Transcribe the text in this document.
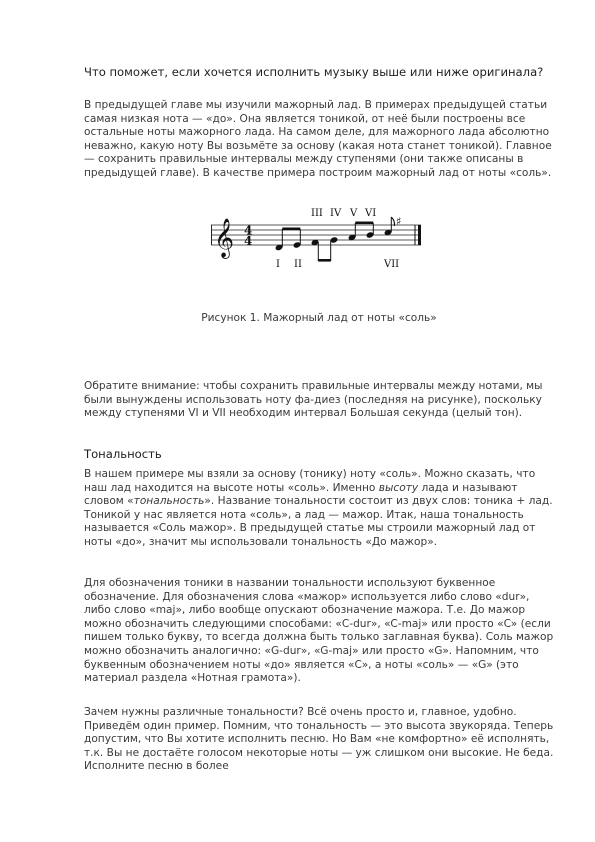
Что поможет, если хочется исполнить музыку выше или ниже оригинала?

В предыдущей главе мы изучили мажорный лад. В примерах предыдущей статьи самая низкая нота — «до». Она является тоникой, от неё были построены все остальные ноты мажорного лада. На самом деле, для мажорного лада абсолютно неважно, какую ноту Вы возьмёте за основу (какая нота станет тоникой). Главное — сохранить правильные интервалы между ступенями (они также описаны в предыдущей главе). В качестве примера построим мажорный лад от ноты «соль».

𝄞 4
4
♯
III IV V VI
I II	VII

Рисунок 1. Мажорный лад от ноты «соль»

Обратите внимание: чтобы сохранить правильные интервалы между нотами, мы были вынуждены использовать ноту фа-диез (последняя на рисунке), поскольку между ступенями VI и VII необходим интервал Большая секунда (целый тон).

Тональность

В нашем примере мы взяли за основу (тонику) ноту «соль». Можно сказать, что наш лад находится на высоте ноты «соль». Именно высоту лада и называют словом «тональность». Название тональности состоит из двух слов: тоника + лад. Тоникой у нас является нота «соль», а лад — мажор. Итак, наша тональность называется «Соль мажор». В предыдущей статье мы строили мажорный лад от ноты «до», значит мы использовали тональность «До мажор».

Для обозначения тоники в названии тональности используют буквенное обозначение. Для обозначения слова «мажор» используется либо слово «dur», либо слово «maj», либо вообще опускают обозначение мажора. Т.е. До мажор можно обозначить следующими способами: «C-dur», «C-maj» или просто «C» (если пишем только букву, то всегда должна быть только заглавная буква). Соль мажор можно обозначить аналогично: «G-dur», «G-maj» или просто «G». Напомним, что буквенным обозначением ноты «до» является «C», а ноты «соль» — «G» (это материал раздела «Нотная грамота»).

Зачем нужны различные тональности? Всё очень просто и, главное, удобно. Приведём один пример. Помним, что тональность — это высота звукоряда. Теперь допустим, что Вы хотите исполнить песню. Но Вам «не комфортно» её исполнять, т.к. Вы не достаёте голосом некоторые ноты — уж слишком они высокие. Не беда. Исполните песню в более
